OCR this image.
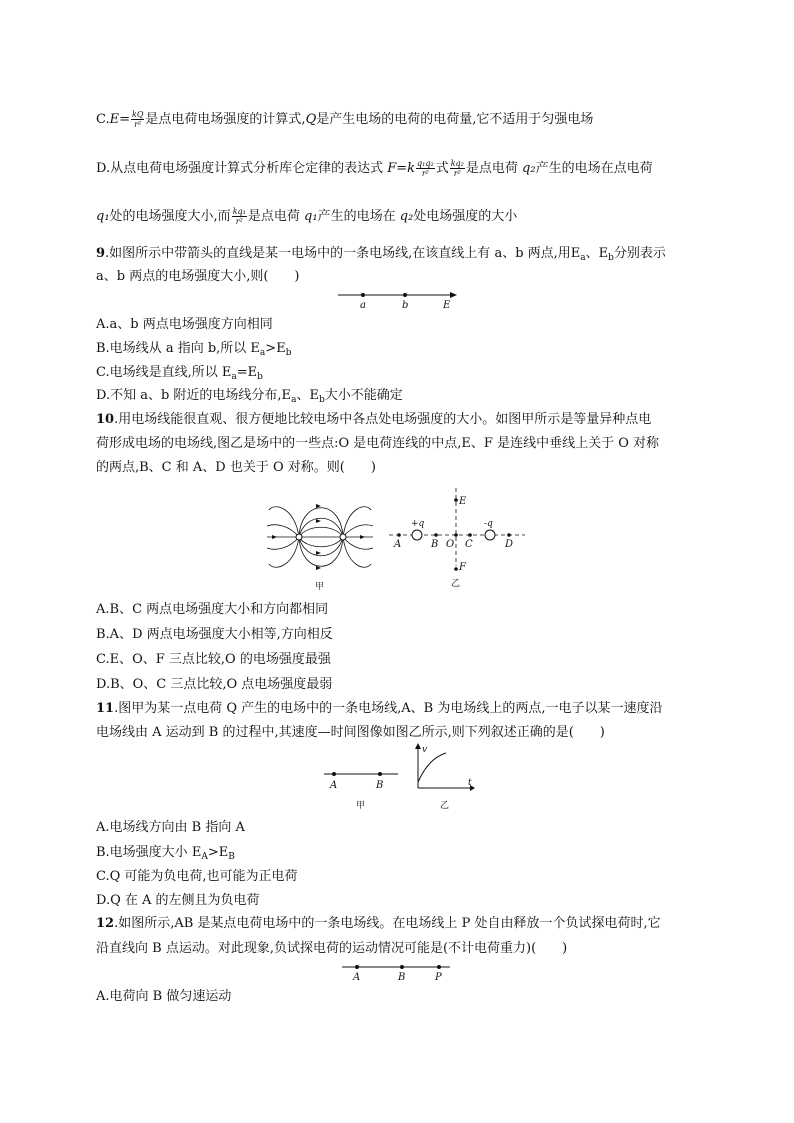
$C.E= \frac{kQ}{\text{r²}}$ 是点电荷电场强度的计算式,Q是产生电场的电荷的电荷量,它不适用于匀强电场
D.从点电荷电场强度计算式分析库仑定律的表达式 $F=k \frac{\text{q₁q₂}}{\text{r²}}$ 式 $\frac{\text{kq₂}}{\text{r²}}$ 是点电荷 q₂产生的电场在点电荷
q₁处的电场强度大小,而 $\frac{\text{kq₁}}{\text{r²}}$ 是点电荷 q₁产生的电场在 q₂处电场强度的大小
9.如图所示中带箭头的直线是某一电场中的一条电场线,在该直线上有 a、b 两点,用$E_a$、$E_b$分别表示
a、b 两点的电场强度大小,则(　　)
a	b	E
A.a、b 两点电场强度方向相同
B.电场线从 a 指向 b,所以 $E_a>E_b$
C.电场线是直线,所以 $E_a=E_b$
D.不知 a、b 附近的电场线分布$,E_a$、$E_b$大小不能确定
10.用电场线能很直观、很方便地比较电场中各点处电场强度的大小。如图甲所示是等量异种点电
荷形成电场的电场线,图乙是场中的一些点:O 是电荷连线的中点,E、F 是连线中垂线上关于 O 对称
的两点,B、C 和 A、D 也关于 O 对称。则(　　)
甲
+q	-q
A	B O C	D
E
F
乙
A.B、C 两点电场强度大小和方向都相同
B.A、D 两点电场强度大小相等,方向相反
C.E、O、F 三点比较,O 的电场强度最强
D.B、O、C 三点比较,O 点电场强度最弱
11.图甲为某一点电荷 Q 产生的电场中的一条电场线,A、B 为电场线上的两点,一电子以某一速度沿
电场线由 A 运动到 B 的过程中,其速度—时间图像如图乙所示,则下列叙述正确的是(　　)
A	B
甲
v
t
乙
A.电场线方向由 B 指向 A
B.电场强度大小 $E_A>E_B$
C.Q 可能为负电荷,也可能为正电荷
D.Q 在 A 的左侧且为负电荷
12.如图所示,AB 是某点电荷电场中的一条电场线。在电场线上 P 处自由释放一个负试探电荷时,它
沿直线向 B 点运动。对此现象,负试探电荷的运动情况可能是(不计电荷重力)(　　)
A	B	P
A.电荷向 B 做匀速运动
